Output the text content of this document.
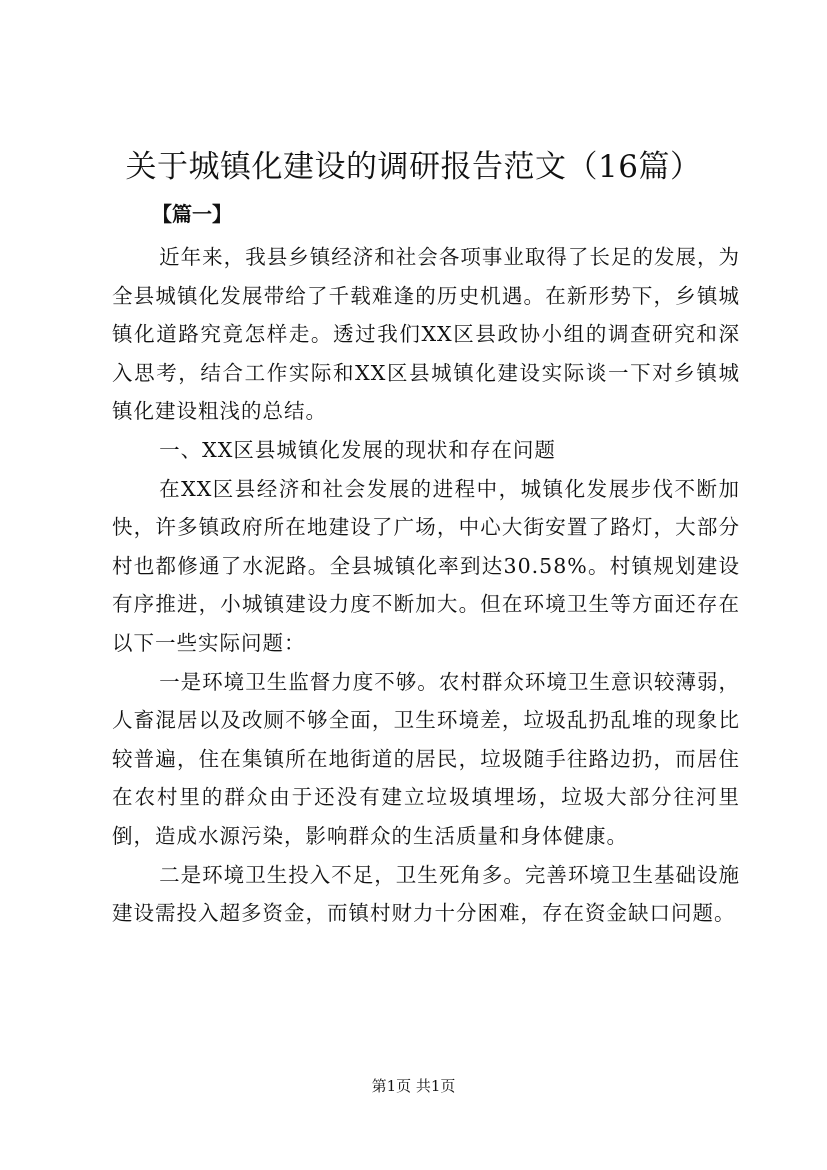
关于城镇化建设的调研报告范文（16篇）
【篇一】

近年来，我县乡镇经济和社会各项事业取得了长足的发展，为全县城镇化发展带给了千载难逢的历史机遇。在新形势下，乡镇城镇化道路究竟怎样走。透过我们XX区县政协小组的调查研究和深入思考，结合工作实际和XX区县城镇化建设实际谈一下对乡镇城镇化建设粗浅的总结。

一、XX区县城镇化发展的现状和存在问题

在XX区县经济和社会发展的进程中，城镇化发展步伐不断加快，许多镇政府所在地建设了广场，中心大街安置了路灯，大部分村也都修通了水泥路。全县城镇化率到达30.58%。村镇规划建设有序推进，小城镇建设力度不断加大。但在环境卫生等方面还存在以下一些实际问题：

一是环境卫生监督力度不够。农村群众环境卫生意识较薄弱，人畜混居以及改厕不够全面，卫生环境差，垃圾乱扔乱堆的现象比较普遍，住在集镇所在地街道的居民，垃圾随手往路边扔，而居住在农村里的群众由于还没有建立垃圾填埋场，垃圾大部分往河里倒，造成水源污染，影响群众的生活质量和身体健康。

二是环境卫生投入不足，卫生死角多。完善环境卫生基础设施建设需投入超多资金，而镇村财力十分困难，存在资金缺口问题。

第1页 共1页
